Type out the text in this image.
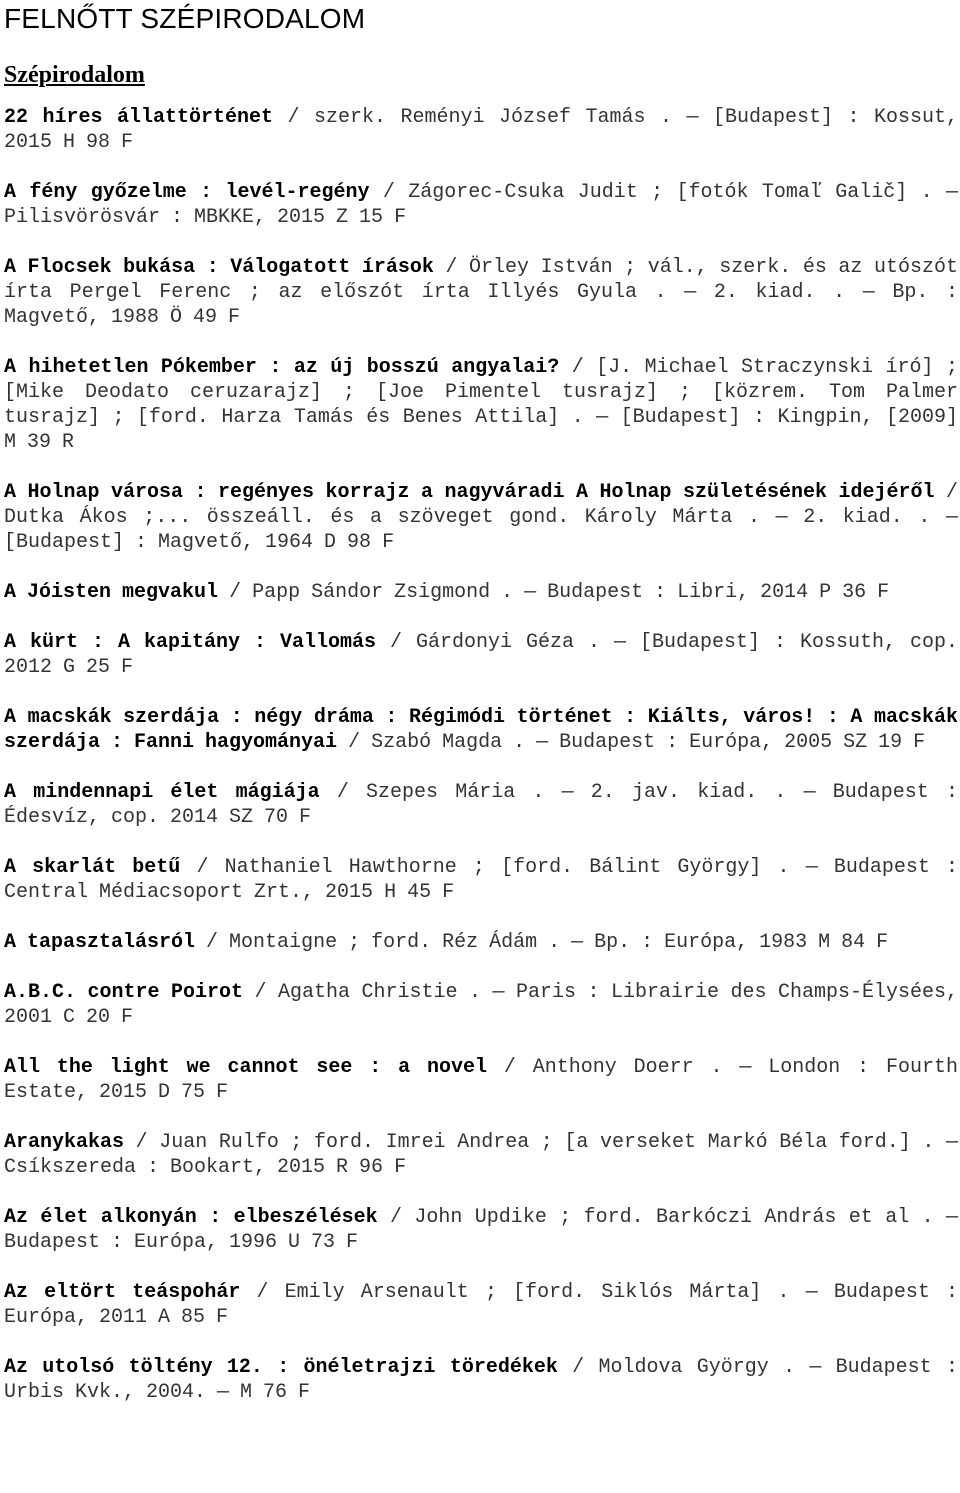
FELNŐTT SZÉPIRODALOM
Szépirodalom

22 híres állattörténet / szerk. Reményi József Tamás . — [Budapest] : Kossut, 2015 H 98 F

A fény győzelme : levél-regény / Zágorec-Csuka Judit ; [fotók Tomaľ Galič] . — Pilisvörösvár : MBKKE, 2015 Z 15 F

A Flocsek bukása : Válogatott írások / Örley István ; vál., szerk. és az utószót írta Pergel Ferenc ; az előszót írta Illyés Gyula . — 2. kiad. . — Bp. : Magvető, 1988 Ö 49 F

A hihetetlen Pókember : az új bosszú angyalai? / [J. Michael Straczynski író] ; [Mike Deodato ceruzarajz] ; [Joe Pimentel tusrajz] ; [közrem. Tom Palmer tusrajz] ; [ford. Harza Tamás és Benes Attila] . — [Budapest] : Kingpin, [2009] M 39 R

A Holnap városa : regényes korrajz a nagyváradi A Holnap születésének idejéről / Dutka Ákos ;... összeáll. és a szöveget gond. Károly Márta . — 2. kiad. . — [Budapest] : Magvető, 1964 D 98 F

A Jóisten megvakul / Papp Sándor Zsigmond . — Budapest : Libri, 2014 P 36 F

A kürt : A kapitány : Vallomás / Gárdonyi Géza . — [Budapest] : Kossuth, cop. 2012 G 25 F

A macskák szerdája : négy dráma : Régimódi történet : Kiálts, város! : A macskák szerdája : Fanni hagyományai / Szabó Magda . — Budapest : Európa, 2005 SZ 19 F

A mindennapi élet mágiája / Szepes Mária . — 2. jav. kiad. . — Budapest : Édesvíz, cop. 2014 SZ 70 F

A skarlát betű / Nathaniel Hawthorne ; [ford. Bálint György] . — Budapest : Central Médiacsoport Zrt., 2015 H 45 F

A tapasztalásról / Montaigne ; ford. Réz Ádám . — Bp. : Európa, 1983 M 84 F

A.B.C. contre Poirot / Agatha Christie . — Paris : Librairie des Champs-Élysées, 2001 C 20 F

All the light we cannot see : a novel / Anthony Doerr . — London : Fourth Estate, 2015 D 75 F

Aranykakas / Juan Rulfo ; ford. Imrei Andrea ; [a verseket Markó Béla ford.] . — Csíkszereda : Bookart, 2015 R 96 F

Az élet alkonyán : elbeszélések / John Updike ; ford. Barkóczi András et al . — Budapest : Európa, 1996 U 73 F

Az eltört teáspohár / Emily Arsenault ; [ford. Siklós Márta] . — Budapest : Európa, 2011 A 85 F

Az utolsó töltény 12. : önéletrajzi töredékek / Moldova György . — Budapest : Urbis Kvk., 2004. — M 76 F
